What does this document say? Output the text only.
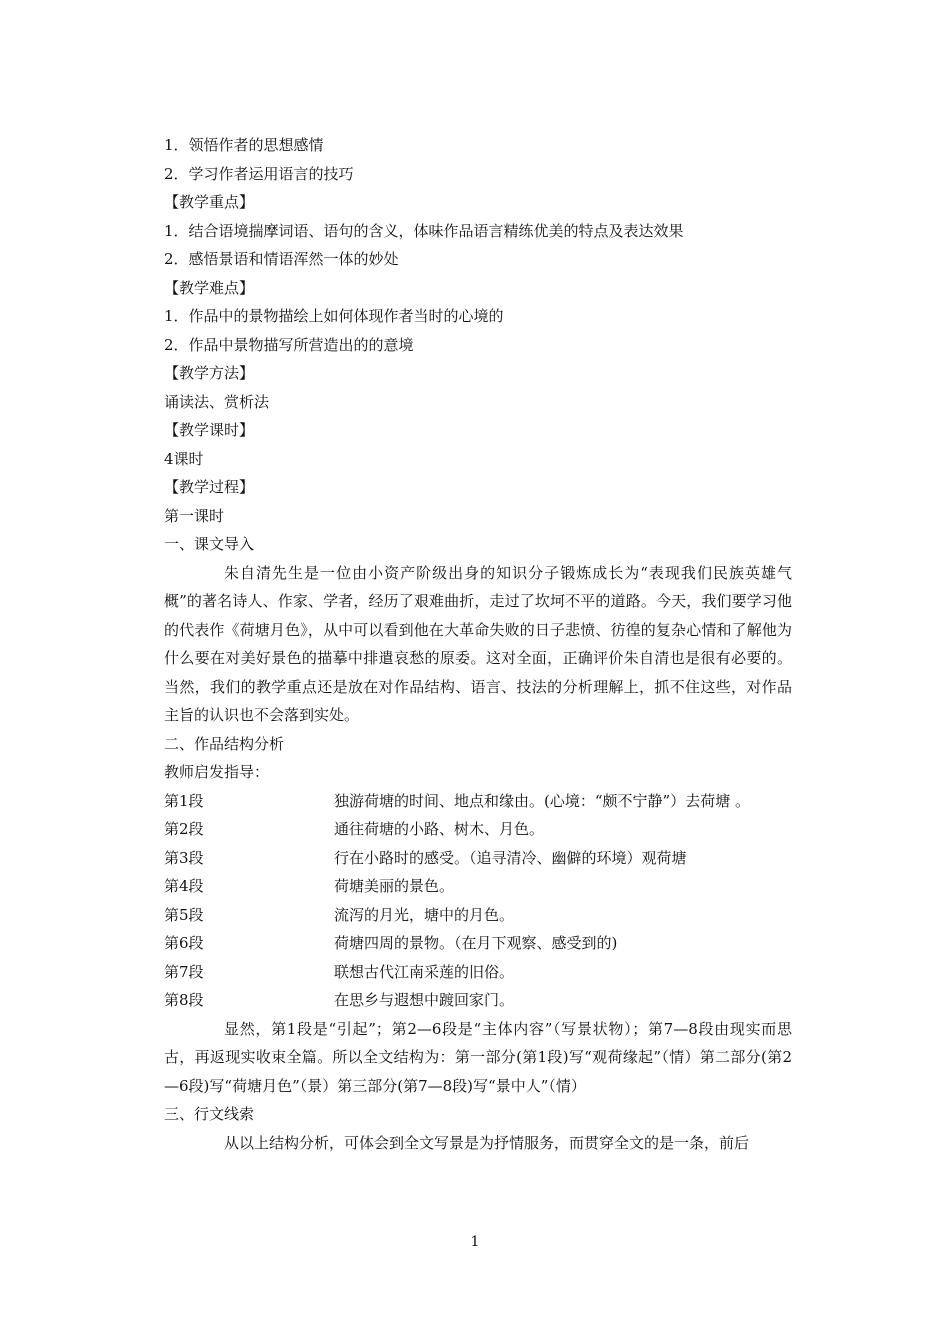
1．领悟作者的思想感情
2．学习作者运用语言的技巧
【教学重点】
1．结合语境揣摩词语、语句的含义，体味作品语言精练优美的特点及表达效果
2．感悟景语和情语浑然一体的妙处
【教学难点】
1．作品中的景物描绘上如何体现作者当时的心境的
2．作品中景物描写所营造出的的意境
【教学方法】
诵读法、赏析法
【教学课时】
4课时
【教学过程】
第一课时
一、课文导入
朱自清先生是一位由小资产阶级出身的知识分子锻炼成长为“表现我们民族英雄气概”的著名诗人、作家、学者，经历了艰难曲折，走过了坎坷不平的道路。今天，我们要学习他的代表作《荷塘月色》，从中可以看到他在大革命失败的日子悲愤、彷徨的复杂心情和了解他为什么要在对美好景色的描摹中排遣哀愁的原委。这对全面，正确评价朱自清也是很有必要的。当然，我们的教学重点还是放在对作品结构、语言、技法的分析理解上，抓不住这些，对作品主旨的认识也不会落到实处。
二、作品结构分析
教师启发指导：
第1段	独游荷塘的时间、地点和缘由。(心境：“颇不宁静”）去荷塘 。
第2段	通往荷塘的小路、树木、月色。
第3段	行在小路时的感受。（追寻清冷、幽僻的环境）观荷塘
第4段	荷塘美丽的景色。
第5段	流泻的月光，塘中的月色。
第6段	荷塘四周的景物。（在月下观察、感受到的)
第7段	联想古代江南采莲的旧俗。
第8段	在思乡与遐想中踱回家门。
显然，第1段是“引起”；第2—6段是“主体内容”（写景状物）；第7—8段由现实而思古，再返现实收束全篇。所以全文结构为：第一部分(第1段)写“观荷缘起”（情）第二部分(第2—6段)写“荷塘月色”（景）第三部分(第7—8段)写“景中人”（情）
三、行文线索
从以上结构分析，可体会到全文写景是为抒情服务，而贯穿全文的是一条，前后
1
